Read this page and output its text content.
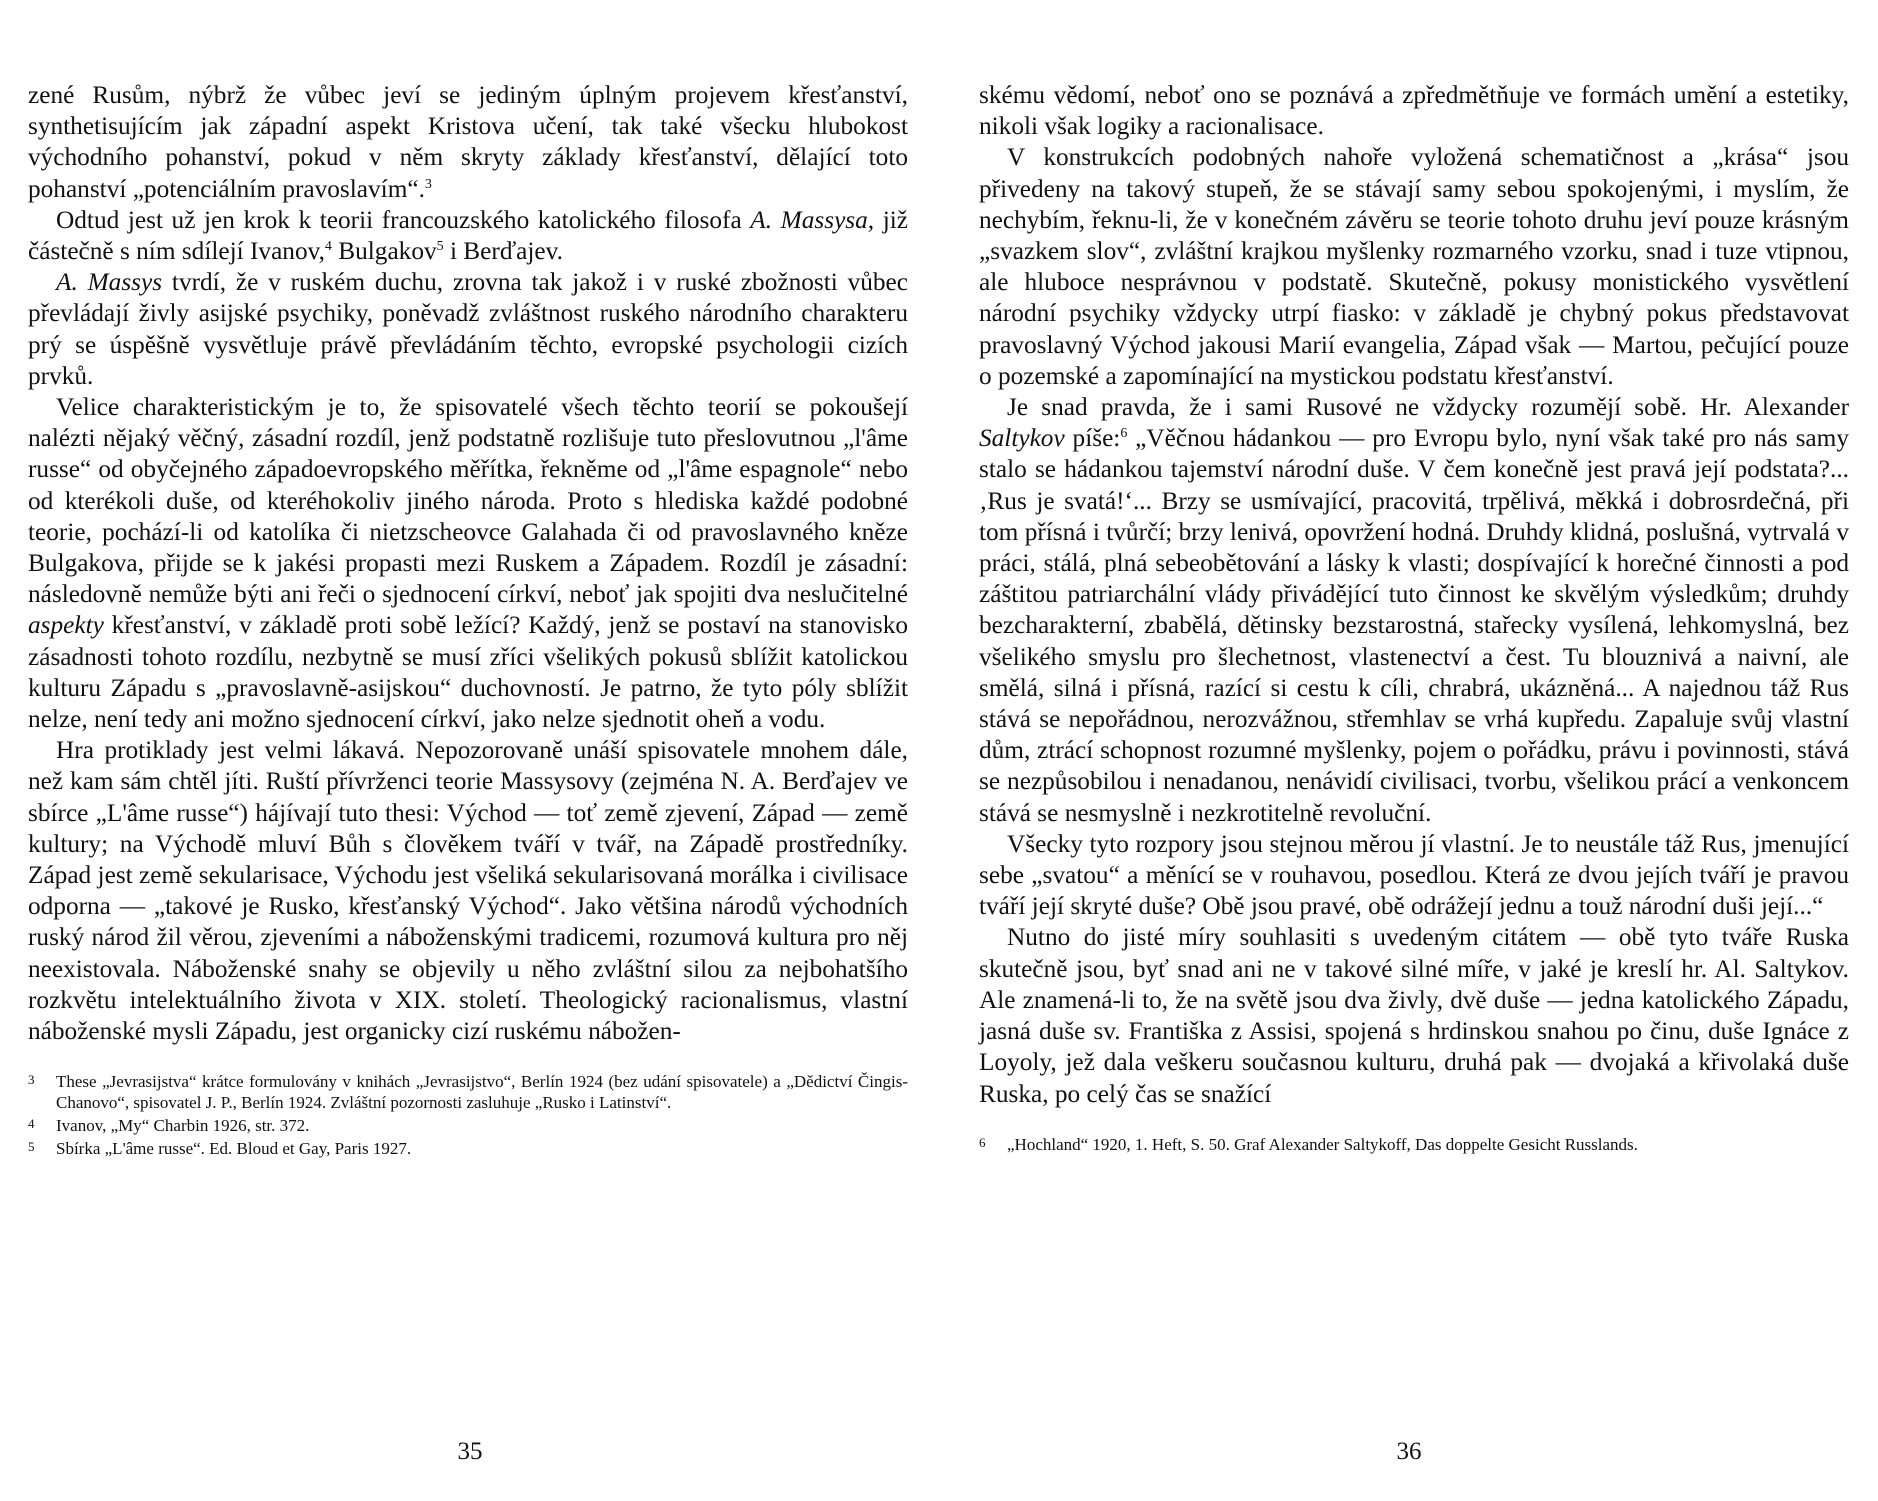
zené Rusům, nýbrž že vůbec jeví se jediným úplným projevem křesťanství, synthetisujícím jak západní aspekt Kristova učení, tak také všecku hlubokost východního pohanství, pokud v něm skryty základy křesťanství, dělající toto pohanství „potenciálním pravoslavím“.$^3$

Odtud jest už jen krok k teorii francouzského katolického filosofa A. Massysa, již částečně s ním sdílejí Ivanov,$^4$ Bulgakov$^5$ i Berďajev.

A. Massys tvrdí, že v ruském duchu, zrovna tak jakož i v ruské zbožnosti vůbec převládají živly asijské psychiky, poněvadž zvláštnost ruského národního charakteru prý se úspěšně vysvětluje právě převládáním těchto, evropské psychologii cizích prvků.

Velice charakteristickým je to, že spisovatelé všech těchto teorií se pokoušejí nalézti nějaký věčný, zásadní rozdíl, jenž podstatně rozlišuje tuto přeslovutnou „l'âme russe“ od obyčejného západoevropského měřítka, řekněme od „l'âme espagnole“ nebo od kterékoli duše, od kteréhokoliv jiného národa. Proto s hlediska každé podobné teorie, pochází-li od katolíka či nietzscheovce Galahada či od pravoslavného kněze Bulgakova, přijde se k jakési propasti mezi Ruskem a Západem. Rozdíl je zásadní: následovně nemůže býti ani řeči o sjednocení církví, neboť jak spojiti dva neslučitelné aspekty křesťanství, v základě proti sobě ležící? Každý, jenž se postaví na stanovisko zásadnosti tohoto rozdílu, nezbytně se musí zříci všelikých pokusů sblížit katolickou kulturu Západu s „pravoslavně-asijskou“ duchovností. Je patrno, že tyto póly sblížit nelze, není tedy ani možno sjednocení církví, jako nelze sjednotit oheň a vodu.

Hra protiklady jest velmi lákavá. Nepozorovaně unáší spisovatele mnohem dále, než kam sám chtěl jíti. Ruští přívrženci teorie Massysovy (zejména N. A. Berďajev ve sbírce „L'âme russe“) hájívají tuto thesi: Východ — toť země zjevení, Západ — země kultury; na Východě mluví Bůh s člověkem tváří v tvář, na Západě prostředníky. Západ jest země sekularisace, Východu jest všeliká sekularisovaná morálka i civilisace odporna — „takové je Rusko, křesťanský Východ“. Jako většina národů východních ruský národ žil věrou, zjeveními a náboženskými tradicemi, rozumová kultura pro něj neexistovala. Náboženské snahy se objevily u něho zvláštní silou za nejbohatšího rozkvětu intelektuálního života v XIX. století. Theologický racionalismus, vlastní náboženské mysli Západu, jest organicky cizí ruskému nábožen-

3 These „Jevrasijstva“ krátce formulovány v knihách „Jevrasijstvo“, Berlín 1924 (bez udání spisovatele) a „Dědictví Čingis-Chanovo“, spisovatel J. P., Berlín 1924. Zvláštní pozornosti zasluhuje „Rusko i Latinství“.

4 Ivanov, „My“ Charbin 1926, str. 372.

5 Sbírka „L'âme russe“. Ed. Bloud et Gay, Paris 1927.

35

skému vědomí, neboť ono se poznává a zpředmětňuje ve formách umění a estetiky, nikoli však logiky a racionalisace.

V konstrukcích podobných nahoře vyložená schematičnost a „krása“ jsou přivedeny na takový stupeň, že se stávají samy sebou spokojenými, i myslím, že nechybím, řeknu-li, že v konečném závěru se teorie tohoto druhu jeví pouze krásným „svazkem slov“, zvláštní krajkou myšlenky rozmarného vzorku, snad i tuze vtipnou, ale hluboce nesprávnou v podstatě. Skutečně, pokusy monistického vysvětlení národní psychiky vždycky utrpí fiasko: v základě je chybný pokus představovat pravoslavný Východ jakousi Marií evangelia, Západ však — Martou, pečující pouze o pozemské a zapomínající na mystickou podstatu křesťanství.

Je snad pravda, že i sami Rusové ne vždycky rozumějí sobě. Hr. Alexander Saltykov píše:$^6$ „Věčnou hádankou — pro Evropu bylo, nyní však také pro nás samy stalo se hádankou tajemství národní duše. V čem konečně jest pravá její podstata?... ‚Rus je svatá!‘... Brzy se usmívající, pracovitá, trpělivá, měkká i dobrosrdečná, při tom přísná i tvůrčí; brzy lenivá, opovržení hodná. Druhdy klidná, poslušná, vytrvalá v práci, stálá, plná sebeobětování a lásky k vlasti; dospívající k horečné činnosti a pod záštitou patriarchální vlády přivádějící tuto činnost ke skvělým výsledkům; druhdy bezcharakterní, zbabělá, dětinsky bezstarostná, stařecky vysílená, lehkomyslná, bez všelikého smyslu pro šlechetnost, vlastenectví a čest. Tu blouznivá a naivní, ale smělá, silná i přísná, razící si cestu k cíli, chrabrá, ukázněná... A najednou táž Rus stává se nepořádnou, nerozvážnou, střemhlav se vrhá kupředu. Zapaluje svůj vlastní dům, ztrácí schopnost rozumné myšlenky, pojem o pořádku, právu i povinnosti, stává se nezpůsobilou i nenadanou, nenávidí civilisaci, tvorbu, všelikou prácí a venkoncem stává se nesmyslně i nezkrotitelně revoluční.

Všecky tyto rozpory jsou stejnou měrou jí vlastní. Je to neustále táž Rus, jmenující sebe „svatou“ a měnící se v rouhavou, posedlou. Která ze dvou jejích tváří je pravou tváří její skryté duše? Obě jsou pravé, obě odrážejí jednu a touž národní duši její...“

Nutno do jisté míry souhlasiti s uvedeným citátem — obě tyto tváře Ruska skutečně jsou, byť snad ani ne v takové silné míře, v jaké je kreslí hr. Al. Saltykov. Ale znamená-li to, že na světě jsou dva živly, dvě duše — jedna katolického Západu, jasná duše sv. Františka z Assisi, spojená s hrdinskou snahou po činu, duše Ignáce z Loyoly, jež dala veškeru současnou kulturu, druhá pak — dvojaká a křivolaká duše Ruska, po celý čas se snažící

6 „Hochland“ 1920, 1. Heft, S. 50. Graf Alexander Saltykoff, Das doppelte Gesicht Russlands.

36
